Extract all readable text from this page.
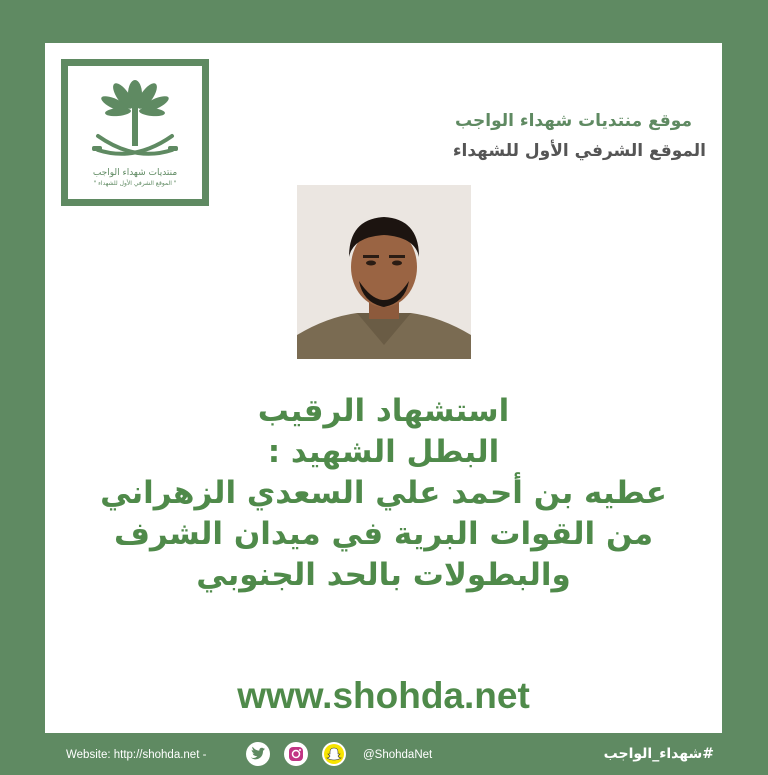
منتديات شهداء الواجب
" الموقع الشرفي الأول للشهداء "
موقع منتديات شهداء الواجب
الموقع الشرفي الأول للشهداء
استشهاد الرقيب
البطل الشهيد :
عطيه بن أحمد علي السعدي الزهراني
من القوات البرية في ميدان الشرف
والبطولات بالحد الجنوبي
www.shohda.net
Website: http://shohda.net -	@ShohdaNet	#شهداء_الواجب
